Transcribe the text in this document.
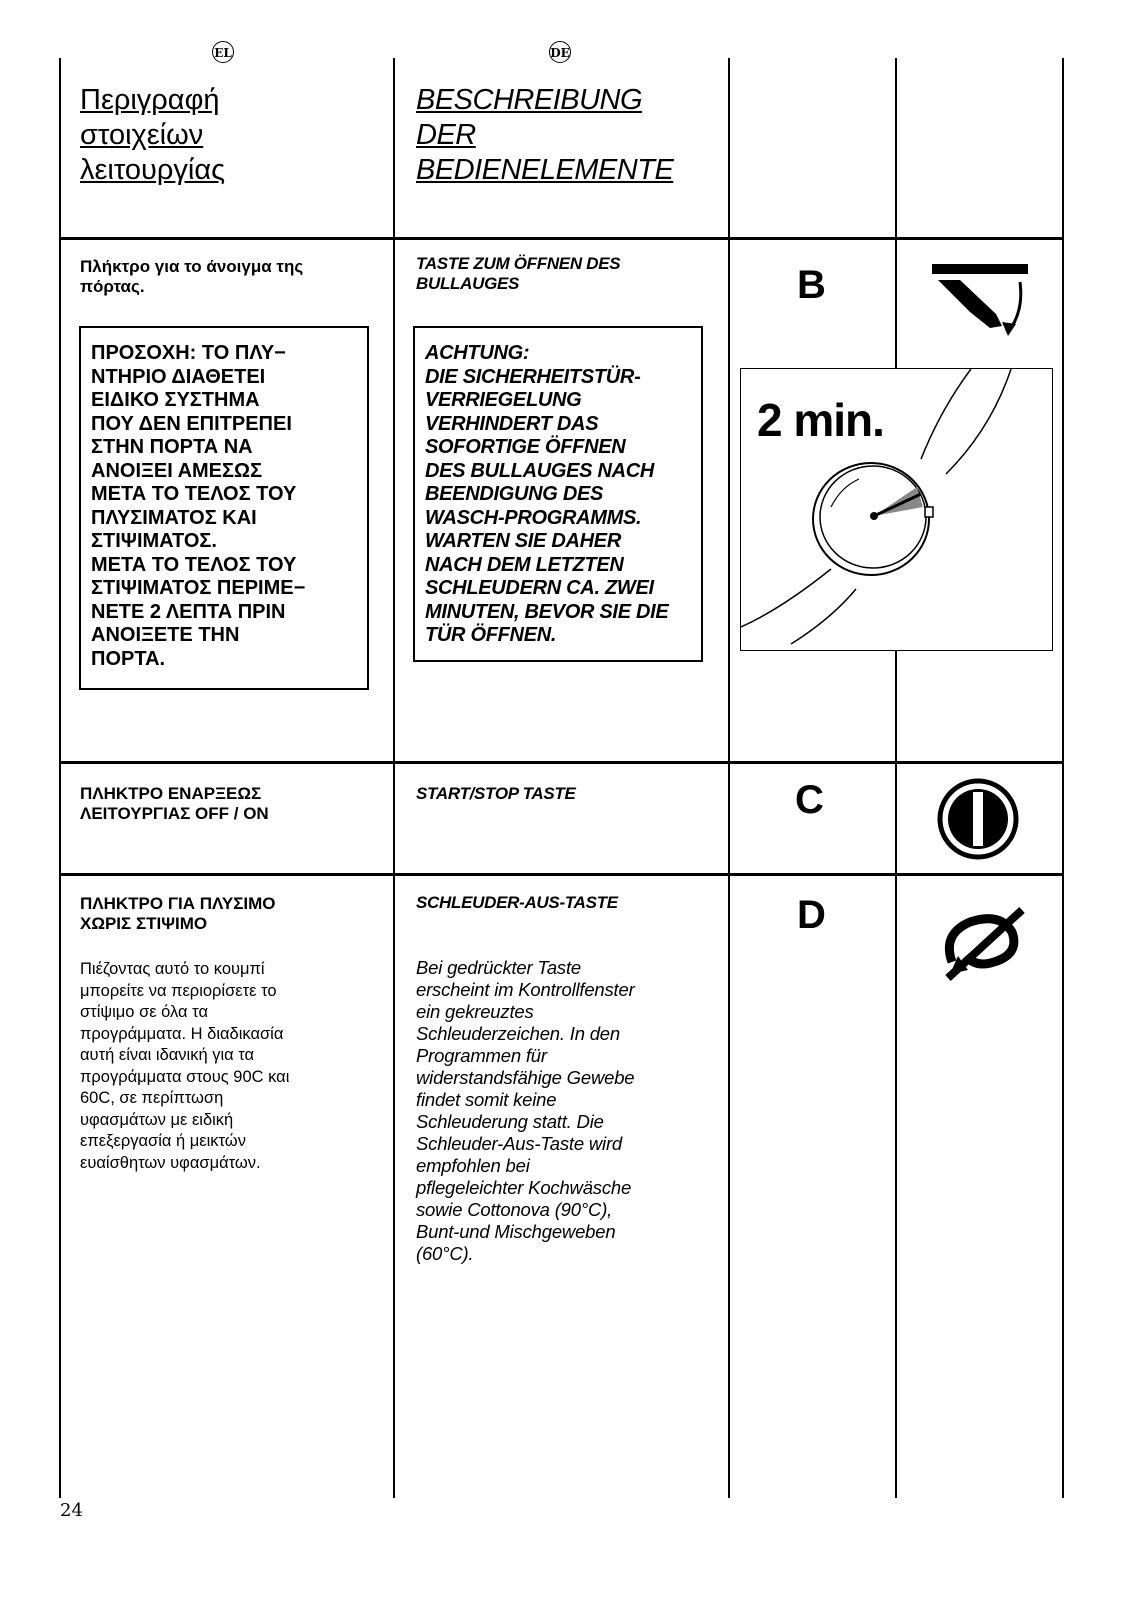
EL	DE
Περιγραφή
στοιχείων
λειτουργίας
BESCHREIBUNG
DER
BEDIENELEMENTE
Πλήκτρο για το άνοιγμα της
πόρτας.
TASTE ZUM ÖFFNEN DES
BULLAUGES
ΠΡΟΣΟΧΗ: ΤΟ ΠΛΥ−
ΝΤΗΡΙΟ ΔΙΑΘΕΤΕΙ
ΕΙΔΙΚΟ ΣΥΣΤΗΜΑ
ΠΟΥ ΔΕΝ ΕΠΙΤΡΕΠΕΙ
ΣΤΗΝ ΠΟΡΤΑ ΝΑ
ΑΝΟΙΞΕΙ ΑΜΕΣΩΣ
ΜΕΤΑ ΤΟ ΤΕΛΟΣ ΤΟΥ
ΠΛΥΣΙΜΑΤΟΣ ΚΑΙ
ΣΤΙΨΙΜΑΤΟΣ.
ΜΕΤΑ ΤΟ ΤΕΛΟΣ ΤΟΥ
ΣΤΙΨΙΜΑΤΟΣ ΠΕΡΙΜΕ−
ΝΕΤΕ 2 ΛΕΠΤΑ ΠΡΙΝ
ΑΝΟΙΞΕΤΕ ΤΗΝ
ΠΟΡΤΑ.
ACHTUNG:
DIE SICHERHEITSTÜR-
VERRIEGELUNG
VERHINDERT DAS
SOFORTIGE ÖFFNEN
DES BULLAUGES NACH
BEENDIGUNG DES
WASCH-PROGRAMMS.
WARTEN SIE DAHER
NACH DEM LETZTEN
SCHLEUDERN CA. ZWEI
MINUTEN, BEVOR SIE DIE
TÜR ÖFFNEN.
B
2 min.
ΠΛΗΚΤΡΟ ΕΝΑΡΞΕΩΣ
ΛΕΙΤΟΥΡΓΙΑΣ OFF / ON
START/STOP TASTE	C
ΠΛΗΚΤΡΟ ΓΙΑ ΠΛΥΣΙΜΟ
ΧΩΡΙΣ ΣΤΙΨΙΜΟ
SCHLEUDER-AUS-TASTE
Πιέζοντας αυτό το κουμπί
μπορείτε να περιορίσετε το
στίψιμο σε όλα τα
προγράμματα. Η διαδικασία
αυτή είναι ιδανική για τα
προγράμματα στους 90C και
60C, σε περίπτωση
υφασμάτων με ειδική
επεξεργασία ή μεικτών
ευαίσθητων υφασμάτων.
Bei gedrückter Taste
erscheint im Kontrollfenster
ein gekreuztes
Schleuderzeichen. In den
Programmen für
widerstandsfähige Gewebe
findet somit keine
Schleuderung statt. Die
Schleuder-Aus-Taste wird
empfohlen bei
pflegeleichter Kochwäsche
sowie Cottonova (90°C),
Bunt-und Mischgeweben
(60°C).
D
24
